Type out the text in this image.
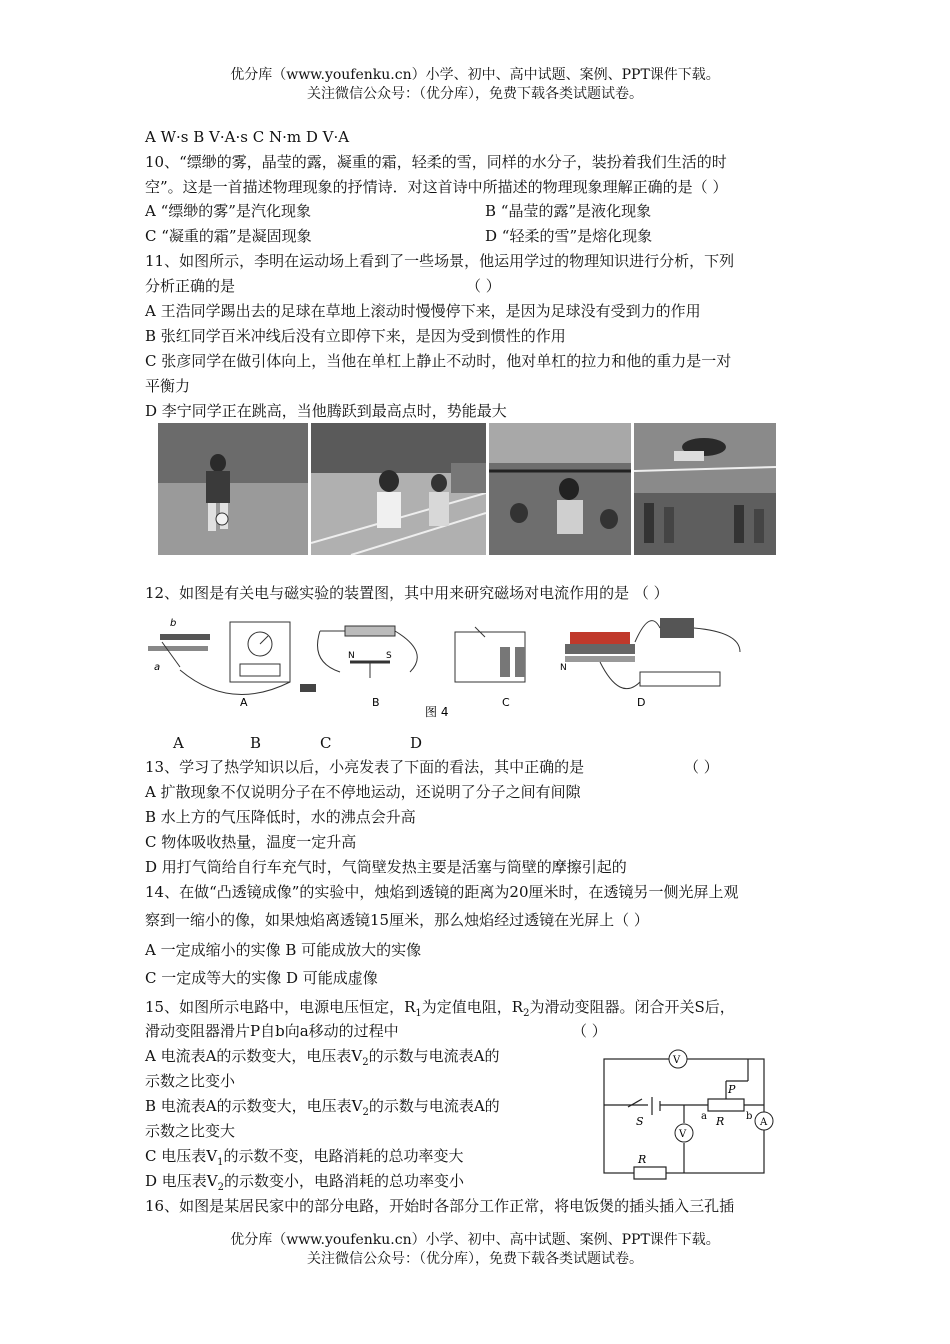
优分库（www.youfenku.cn）小学、初中、高中试题、案例、PPT课件下载。
关注微信公众号：（优分库），免费下载各类试题试卷。
A W·s B V·A·s C N·m D V·A
10、“缥缈的雾，晶莹的露，凝重的霜，轻柔的雪，同样的水分子，装扮着我们生活的时
空”。这是一首描述物理现象的抒情诗．对这首诗中所描述的物理现象理解正确的是（ ）
A “缥缈的雾”是汽化现象	B “晶莹的露”是液化现象
C “凝重的霜”是凝固现象	D “轻柔的雪”是熔化现象
11、如图所示，李明在运动场上看到了一些场景，他运用学过的物理知识进行分析，下列
分析正确的是	（ ）
A 王浩同学踢出去的足球在草地上滚动时慢慢停下来，是因为足球没有受到力的作用
B 张红同学百米冲线后没有立即停下来，是因为受到惯性的作用
C 张彦同学在做引体向上，当他在单杠上静止不动时，他对单杠的拉力和他的重力是一对
平衡力
D 李宁同学正在跳高，当他腾跃到最高点时，势能最大
12、如图是有关电与磁实验的装置图，其中用来研究磁场对电流作用的是 （ ）
b
a
N	S
N
A	B	C
图 4
D
A	B	C	D
13、学习了热学知识以后，小亮发表了下面的看法，其中正确的是	（ ）
A 扩散现象不仅说明分子在不停地运动，还说明了分子之间有间隙
B 水上方的气压降低时，水的沸点会升高
C 物体吸收热量，温度一定升高
D 用打气筒给自行车充气时，气筒壁发热主要是活塞与筒壁的摩擦引起的
14、在做“凸透镜成像”的实验中，烛焰到透镜的距离为20厘米时，在透镜另一侧光屏上观
察到一缩小的像，如果烛焰离透镜15厘米，那么烛焰经过透镜在光屏上（ ）
A 一定成缩小的实像 B 可能成放大的实像
C 一定成等大的实像 D 可能成虚像
15、如图所示电路中，电源电压恒定，$R_1$为定值电阻，$R_2$为滑动变阻器。闭合开关S后，
滑动变阻器滑片P自b向a移动的过程中	（ ）
A 电流表A的示数变大，电压表$V_2$的示数与电流表A的
示数之比变小
B 电流表A的示数变大，电压表$V_2$的示数与电流表A的
示数之比变大
C 电压表$V_1$的示数不变，电路消耗的总功率变大
D 电压表$V_2$的示数变小，电路消耗的总功率变小
V
V
A
S
P
R
a	b
R
16、如图是某居民家中的部分电路，开始时各部分工作正常，将电饭煲的插头插入三孔插
优分库（www.youfenku.cn）小学、初中、高中试题、案例、PPT课件下载。
关注微信公众号：（优分库），免费下载各类试题试卷。
